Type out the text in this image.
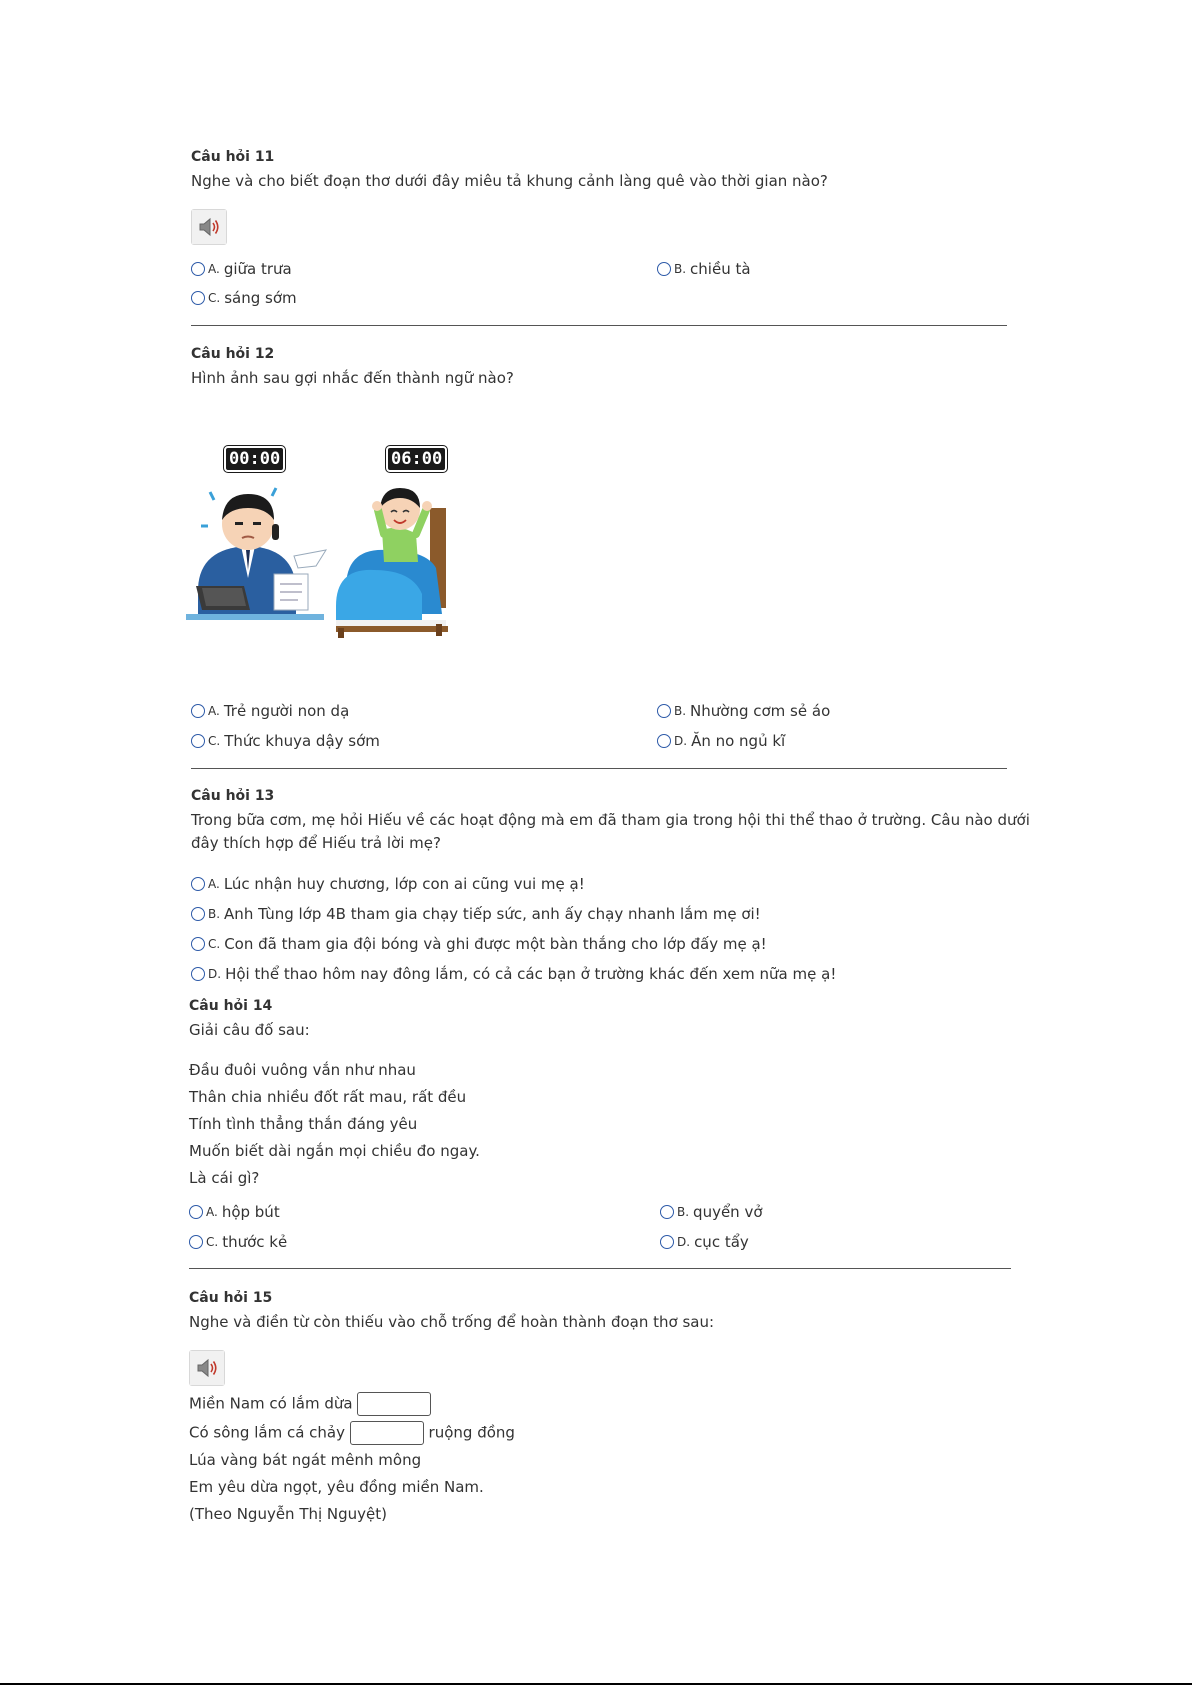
Câu hỏi 11
Nghe và cho biết đoạn thơ dưới đây miêu tả khung cảnh làng quê vào thời gian nào?
A. giữa trưa	B. chiều tà
C. sáng sớm
Câu hỏi 12
Hình ảnh sau gợi nhắc đến thành ngữ nào?
00:00	06:00
A. Trẻ người non dạ	B. Nhường cơm sẻ áo
C. Thức khuya dậy sớm	D. Ăn no ngủ kĩ
Câu hỏi 13
Trong bữa cơm, mẹ hỏi Hiếu về các hoạt động mà em đã tham gia trong hội thi thể thao ở trường. Câu nào dưới
đây thích hợp để Hiếu trả lời mẹ?
A. Lúc nhận huy chương, lớp con ai cũng vui mẹ ạ!
B. Anh Tùng lớp 4B tham gia chạy tiếp sức, anh ấy chạy nhanh lắm mẹ ơi!
C. Con đã tham gia đội bóng và ghi được một bàn thắng cho lớp đấy mẹ ạ!
D. Hội thể thao hôm nay đông lắm, có cả các bạn ở trường khác đến xem nữa mẹ ạ!
Câu hỏi 14
Giải câu đố sau:
Đầu đuôi vuông vắn như nhau
Thân chia nhiều đốt rất mau, rất đều
Tính tình thẳng thắn đáng yêu
Muốn biết dài ngắn mọi chiều đo ngay.
Là cái gì?
A. hộp bút	B. quyển vở
C. thước kẻ	D. cục tẩy
Câu hỏi 15
Nghe và điền từ còn thiếu vào chỗ trống để hoàn thành đoạn thơ sau:
Miền Nam có lắm dừa
Có sông lắm cá chảy	ruộng đồng
Lúa vàng bát ngát mênh mông
Em yêu dừa ngọt, yêu đồng miền Nam.
(Theo Nguyễn Thị Nguyệt)
